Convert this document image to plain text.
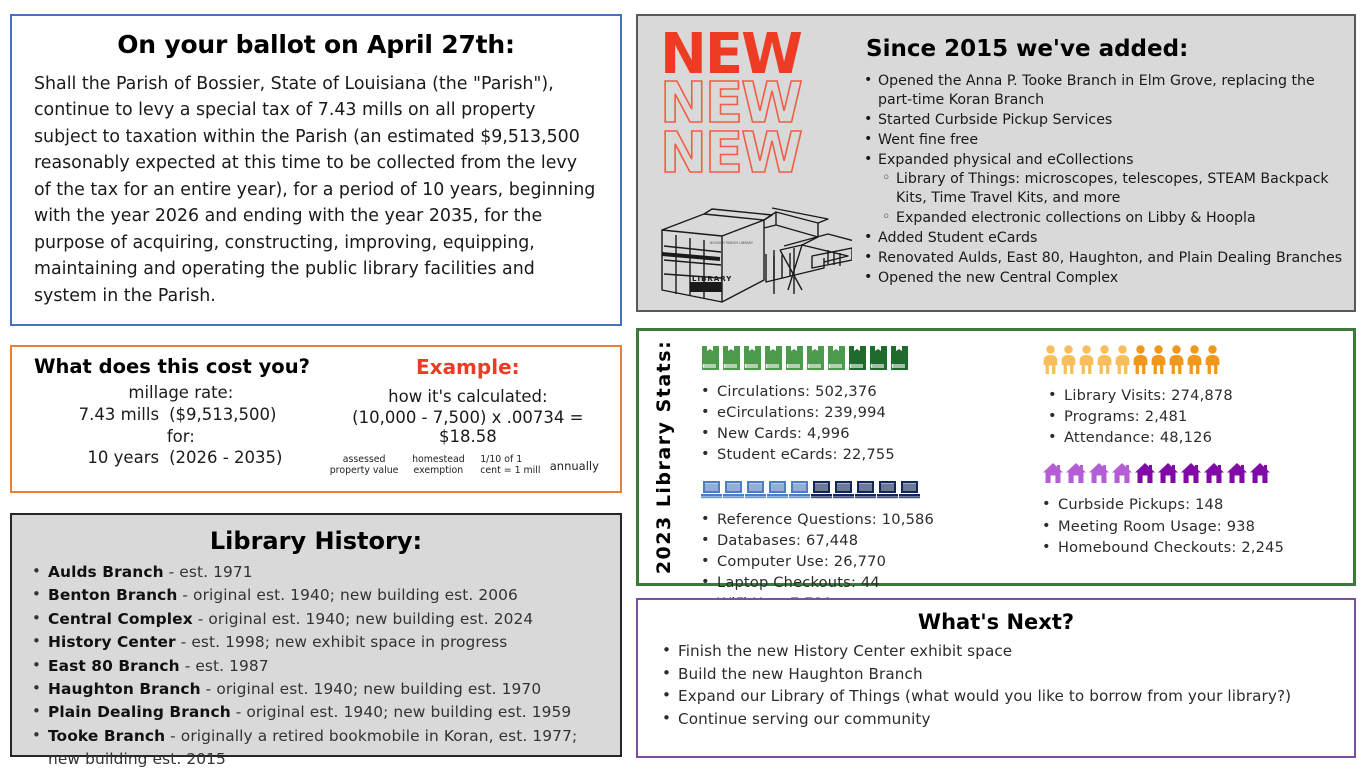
On your ballot on April 27th:
Shall the Parish of Bossier, State of Louisiana (the "Parish"), continue to levy a special tax of 7.43 mills on all property subject to taxation within the Parish (an estimated $9,513,500 reasonably expected at this time to be collected from the levy of the tax for an entire year), for a period of 10 years, beginning with the year 2026 and ending with the year 2035, for the purpose of acquiring, constructing, improving, equipping, maintaining and operating the public library facilities and system in the Parish.
What does this cost you?
millage rate:
7.43 mills ($9,513,500)
for:
10 years (2026 - 2035)
Example:
how it's calculated:
(10,000 - 7,500) x .00734 = $18.58
assessed property value
homestead exemption
1/10 of 1 cent = 1 mill annually
Library History:
• Aulds Branch - est. 1971
• Benton Branch - original est. 1940; new building est. 2006
• Central Complex - original est. 1940; new building est. 2024
• History Center - est. 1998; new exhibit space in progress
• East 80 Branch - est. 1987
• Haughton Branch - original est. 1940; new building est. 1970
• Plain Dealing Branch - original est. 1940; new building est. 1959
• Tooke Branch - originally a retired bookmobile in Koran, est. 1977; new building est. 2015
NEW
NEW
NEW
LIBRARY
BOSSIER PARISH LIBRARY
Since 2015 we've added:
• Opened the Anna P. Tooke Branch in Elm Grove, replacing the part-time Koran Branch
• Started Curbside Pickup Services
• Went fine free
• Expanded physical and eCollections
◦ Library of Things: microscopes, telescopes, STEAM Backpack Kits, Time Travel Kits, and more
◦ Expanded electronic collections on Libby & Hoopla
• Added Student eCards
• Renovated Aulds, East 80, Haughton, and Plain Dealing Branches
• Opened the new Central Complex
2023 Library Stats:	• Circulations: 502,376
• eCirculations: 239,994
• New Cards: 4,996
• Student eCards: 22,755
• Reference Questions: 10,586
• Databases: 67,448
• Computer Use: 26,770
• Laptop Checkouts: 44
•
• Library Visits: 274,878
• Programs: 2,481
• Attendance: 48,126
• Curbside Pickups: 148
• Meeting Room Usage: 938
• Homebound Checkouts: 2,245
What's Next?
• Finish the new History Center exhibit space
• Build the new Haughton Branch
• Expand our Library of Things (what would you like to borrow from your library?)
• Continue serving our community
